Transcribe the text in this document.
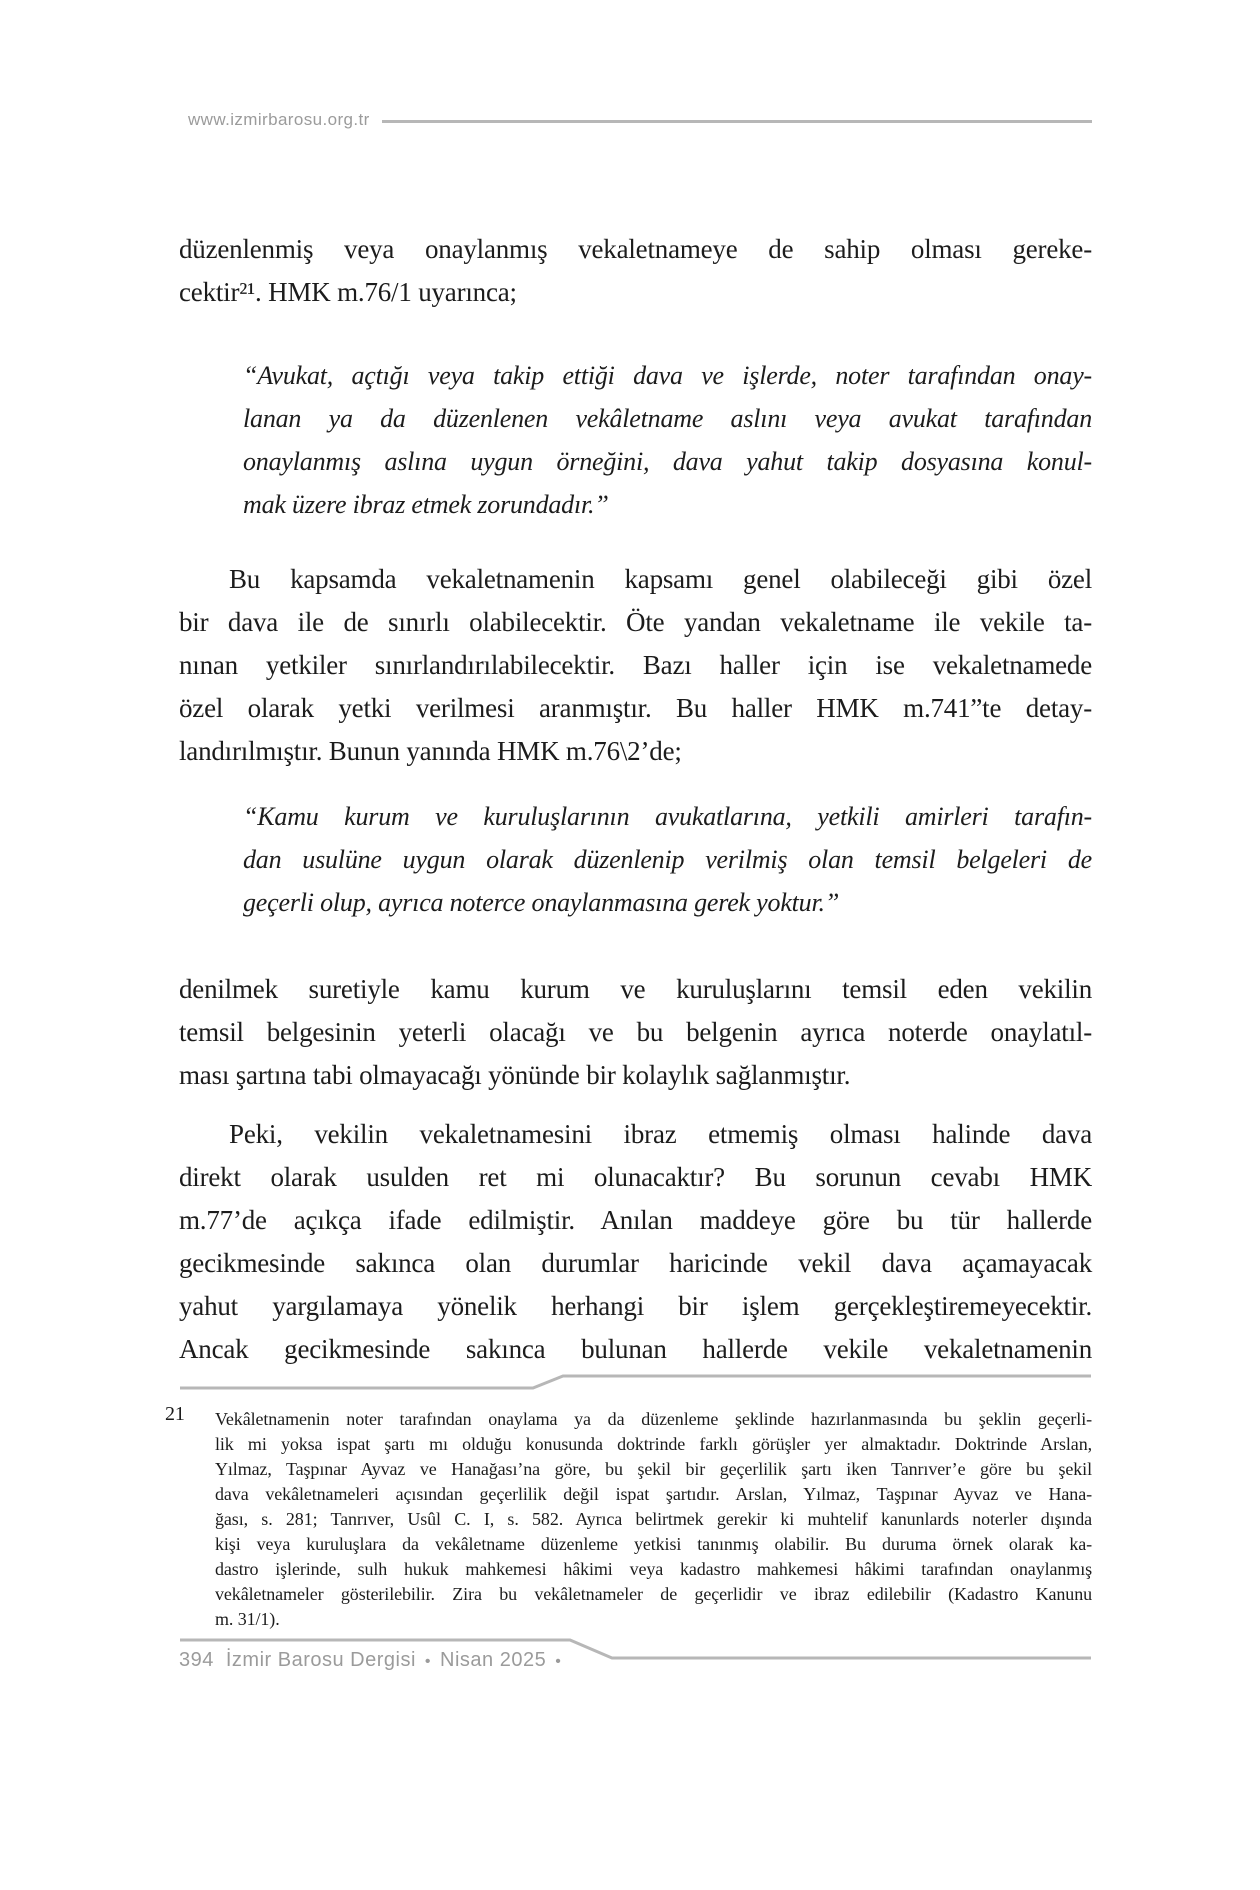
www.izmirbarosu.org.tr
düzenlenmiş veya onaylanmış vekaletnameye de sahip olması gereke-
cektir²¹. HMK m.76/1 uyarınca;
“Avukat, açtığı veya takip ettiği dava ve işlerde, noter tarafından onay-
lanan ya da düzenlenen vekâletname aslını veya avukat tarafından
onaylanmış aslına uygun örneğini, dava yahut takip dosyasına konul-
mak üzere ibraz etmek zorundadır.”
Bu kapsamda vekaletnamenin kapsamı genel olabileceği gibi özel
bir dava ile de sınırlı olabilecektir. Öte yandan vekaletname ile vekile ta-
nınan yetkiler sınırlandırılabilecektir. Bazı haller için ise vekaletnamede
özel olarak yetki verilmesi aranmıştır. Bu haller HMK m.741”te detay-
landırılmıştır. Bunun yanında HMK m.76\2’de;
“Kamu kurum ve kuruluşlarının avukatlarına, yetkili amirleri tarafın-
dan usulüne uygun olarak düzenlenip verilmiş olan temsil belgeleri de
geçerli olup, ayrıca noterce onaylanmasına gerek yoktur.”
denilmek suretiyle kamu kurum ve kuruluşlarını temsil eden vekilin
temsil belgesinin yeterli olacağı ve bu belgenin ayrıca noterde onaylatıl-
ması şartına tabi olmayacağı yönünde bir kolaylık sağlanmıştır.
Peki, vekilin vekaletnamesini ibraz etmemiş olması halinde dava
direkt olarak usulden ret mi olunacaktır? Bu sorunun cevabı HMK
m.77’de açıkça ifade edilmiştir. Anılan maddeye göre bu tür hallerde
gecikmesinde sakınca olan durumlar haricinde vekil dava açamayacak
yahut yargılamaya yönelik herhangi bir işlem gerçekleştiremeyecektir.
Ancak gecikmesinde sakınca bulunan hallerde vekile vekaletnamenin
21 Vekâletnamenin noter tarafından onaylama ya da düzenleme şeklinde hazırlanmasında bu şeklin geçerli-
lik mi yoksa ispat şartı mı olduğu konusunda doktrinde farklı görüşler yer almaktadır. Doktrinde Arslan,
Yılmaz, Taşpınar Ayvaz ve Hanağası’na göre, bu şekil bir geçerlilik şartı iken Tanrıver’e göre bu şekil
dava vekâletnameleri açısından geçerlilik değil ispat şartıdır. Arslan, Yılmaz, Taşpınar Ayvaz ve Hana-
ğası, s. 281; Tanrıver, Usûl C. I, s. 582. Ayrıca belirtmek gerekir ki muhtelif kanunlards noterler dışında
kişi veya kuruluşlara da vekâletname düzenleme yetkisi tanınmış olabilir. Bu duruma örnek olarak ka-
dastro işlerinde, sulh hukuk mahkemesi hâkimi veya kadastro mahkemesi hâkimi tarafından onaylanmış
vekâletnameler gösterilebilir. Zira bu vekâletnameler de geçerlidir ve ibraz edilebilir (Kadastro Kanunu
m. 31/1).
394 İzmir Barosu Dergisi • Nisan 2025 •
